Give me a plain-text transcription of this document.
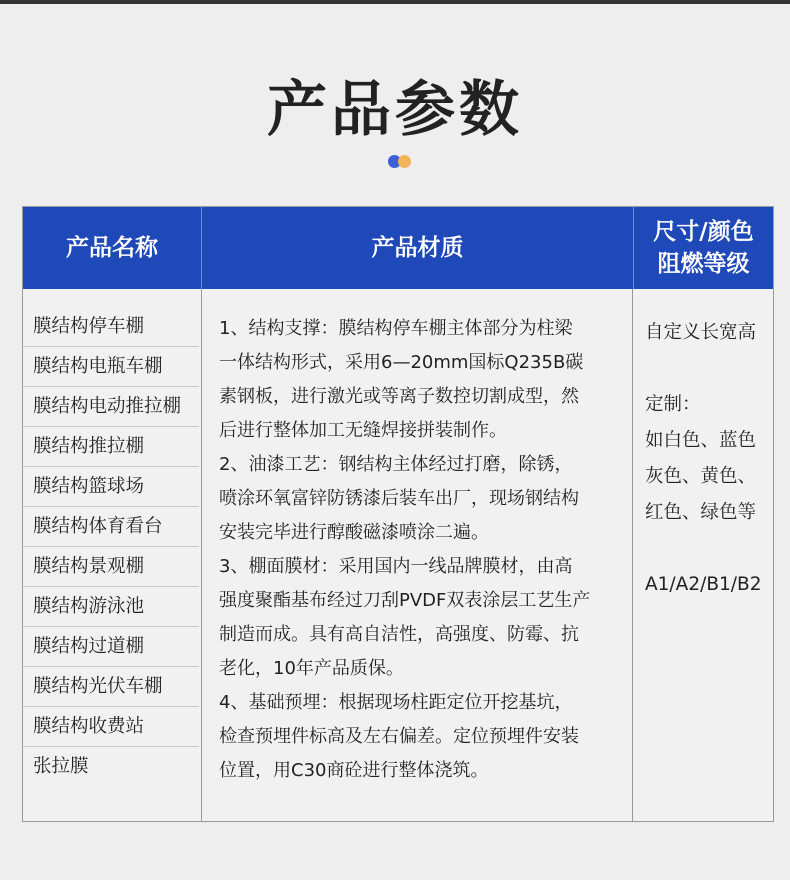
产品参数
产品名称	产品材质
尺寸/颜色
阻燃等级
膜结构停车棚
膜结构电瓶车棚
膜结构电动推拉棚
膜结构推拉棚
膜结构篮球场
膜结构体育看台
膜结构景观棚
膜结构游泳池
膜结构过道棚
膜结构光伏车棚
膜结构收费站
张拉膜
1、结构支撑：膜结构停车棚主体部分为柱梁
一体结构形式，采用6—20mm国标Q235B碳
素钢板，进行激光或等离子数控切割成型，然
后进行整体加工无缝焊接拼装制作。
2、油漆工艺：钢结构主体经过打磨，除锈，
喷涂环氧富锌防锈漆后装车出厂，现场钢结构
安装完毕进行醇酸磁漆喷涂二遍。
3、棚面膜材：采用国内一线品牌膜材，由高
强度聚酯基布经过刀刮PVDF双表涂层工艺生产
制造而成。具有高自洁性，高强度、防霉、抗
老化，10年产品质保。
4、基础预埋：根据现场柱距定位开挖基坑，
检查预埋件标高及左右偏差。定位预埋件安装
位置，用C30商砼进行整体浇筑。
自定义长宽高
定制：
如白色、蓝色
灰色、黄色、
红色、绿色等
A1/A2/B1/B2
